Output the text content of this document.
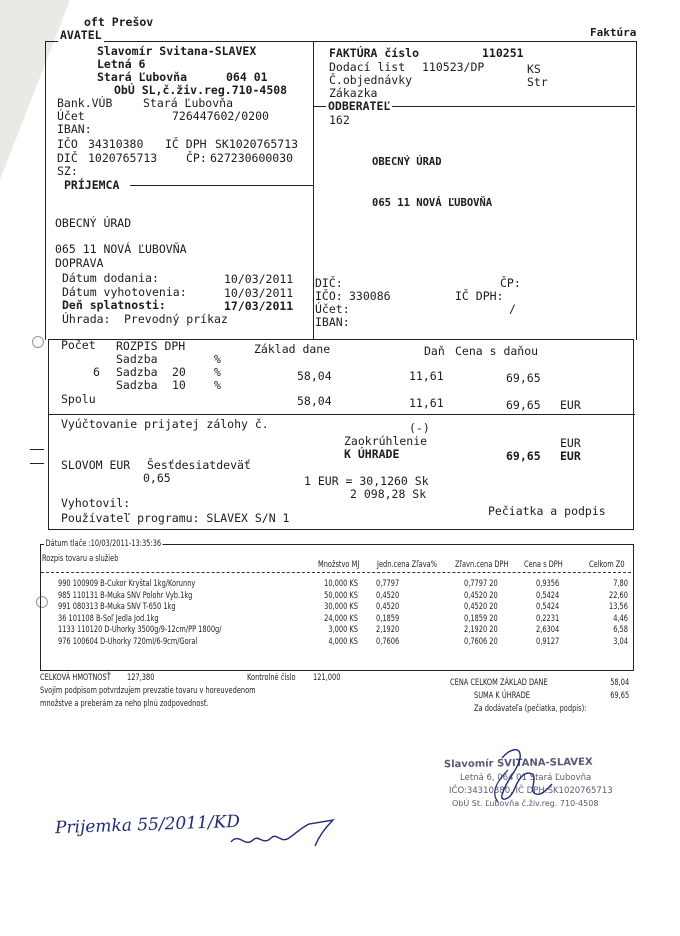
oft Prešov
Faktúra
AVATEL
Slavomír Svitana-SLAVEX
Letná 6
Stará Ľubovňa	064 01
ObÚ SL,č.živ.reg.710-4508
Bank.VÚB	Stará Ľubovňa
Účet	726447602/0200
IBAN:
IČO 34310380 IČ DPH SK1020765713
DIČ 1020765713	ČP: 627230600030
SZ:
FAKTÚRA číslo	110251
Dodací list 110523/DP	KS
Č.objednávky	Str
Zákazka
ODBERATEĽ
162
OBECNÝ ÚRAD
065 11 NOVÁ ĽUBOVŇA
DIČ:	ČP:
IČO: 330086	IČ DPH:
Účet:	/
IBAN:
PRÍJEMCA
OBECNÝ ÚRAD
065 11 NOVÁ ĽUBOVŇA
DOPRAVA
Dátum dodania:	10/03/2011
Dátum vyhotovenia:	10/03/2011
Deň splatnosti:	17/03/2011
Úhrada: Prevodný príkaz
Počet ROZPIS DPH	Základ dane	Daň Cena s daňou
Sadzba	%
6 Sadzba 20 %	58,04	11,61	69,65
Sadzba 10 %
Spolu	58,04	11,61	69,65 EUR
Vyúčtovanie prijatej zálohy č.	(-)
Zaokrúhlenie	EUR
K ÚHRADE	69,65 EUR
SLOVOM EUR Šesťdesiatdeväť
0,65	1 EUR = 30,1260 Sk
2 098,28 Sk
Vyhotovil:
Pečiatka a podpis
Používateľ programu: SLAVEX S/N 1
Dátum tlače :10/03/2011-13:35:36
Rozpis tovaru a služieb
Množstvo MJ Jedn.cena Zľava% Zľavn.cena DPH Cena s DPH	Celkom Z0
990 100909 B-Cukor Kryštal 1kg/Korunny	10,000 KS 0,7797	0,7797 20	0,9356	7,80
985 110131 B-Muka SNV Polohr Vyb.1kg	50,000 KS 0,4520	0,4520 20	0,5424	22,60
991 080313 B-Muka SNV T-650 1kg	30,000 KS 0,4520	0,4520 20	0,5424	13,56
36 101108 B-Soľ Jedla Jod.1kg	24,000 KS 0,1859	0,1859 20	0,2231	4,46
1133 110120 D-Uhorky 3500g/9-12cm/PP 1800g/	3,000 KS 2,1920	2,1920 20	2,6304	6,58
976 100604 D-Uhorky 720ml/6-9cm/Goral	4,000 KS 0,7606	0,7606 20	0,9127	3,04
CELKOVÁ HMOTNOSŤ 127,380	Kontrolné číslo 121,000	CENA CELKOM ZÁKLAD DANE	58,04
SUMA K ÚHRADE	69,65
Svojím podpisom potvrdzujem prevzatie tovaru v horeuvedenom
množstve a preberám za neho plnú zodpovednosť.	Za dodávateľa (pečiatka, podpis):
Slavomír SVITANA-SLAVEX
Letná 6, 064 01 Stará Ľubovňa
IČO:34310380, IČ DPH:SK1020765713
ObÚ St. Ľubovňa č.živ.reg. 710-4508
Prijemka 55/2011/KD
